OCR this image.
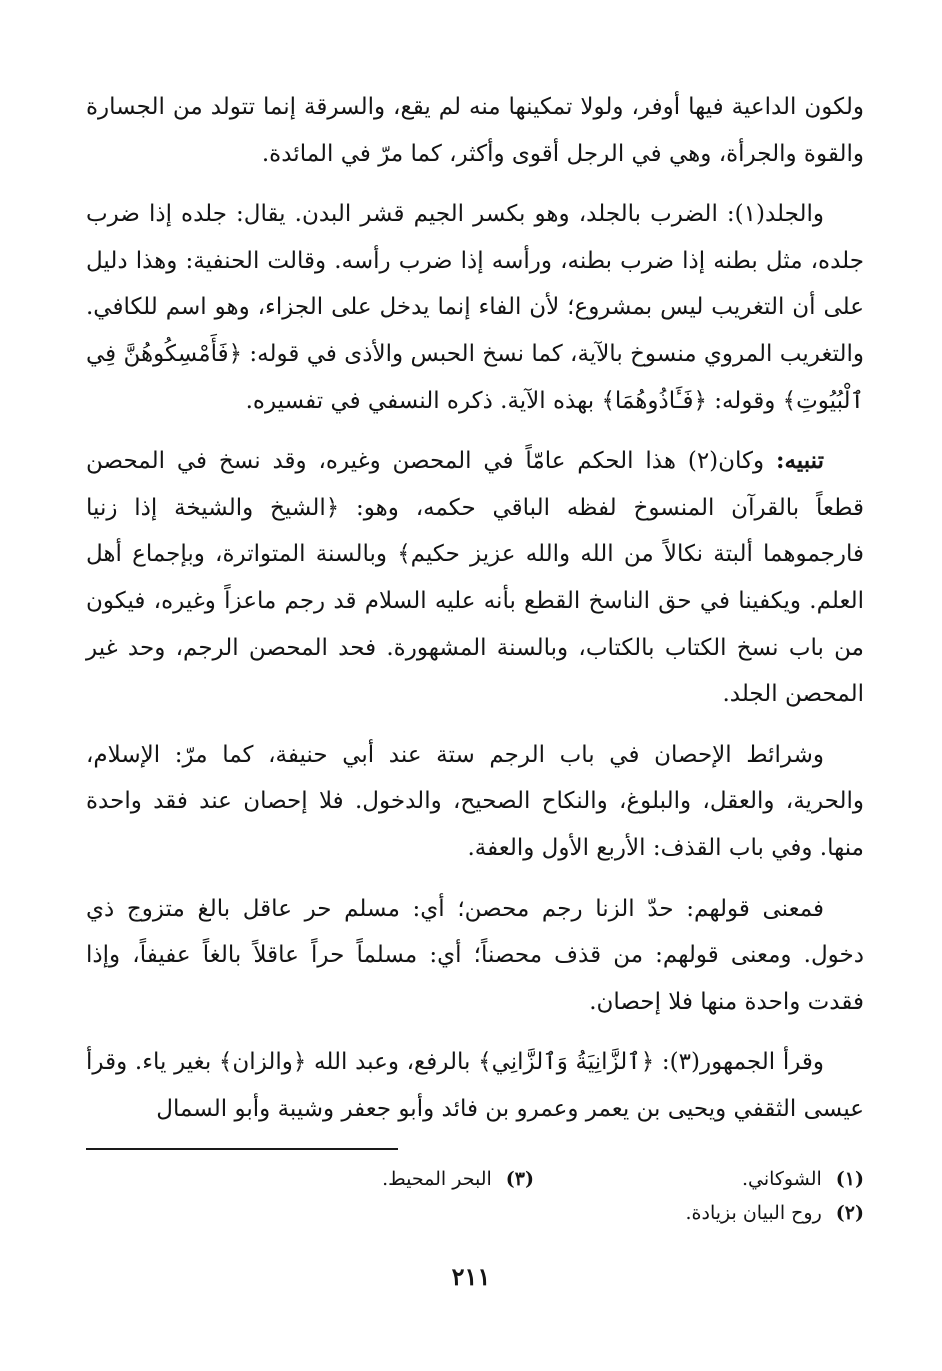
ولكون الداعية فيها أوفر، ولولا تمكينها منه لم يقع، والسرقة إنما تتولد من الجسارة والقوة والجرأة، وهي في الرجل أقوى وأكثر، كما مرّ في المائدة.

والجلد(١): الضرب بالجلد، وهو بكسر الجيم قشر البدن. يقال: جلده إذا ضرب جلده، مثل بطنه إذا ضرب بطنه، ورأسه إذا ضرب رأسه. وقالت الحنفية: وهذا دليل على أن التغريب ليس بمشروع؛ لأن الفاء إنما يدخل على الجزاء، وهو اسم للكافي. والتغريب المروي منسوخ بالآية، كما نسخ الحبس والأذى في قوله: ﴿فَأَمْسِكُوهُنَّ فِي ٱلْبُيُوتِ﴾ وقوله: ﴿فَـَٔاذُوهُمَا﴾ بهذه الآية. ذكره النسفي في تفسيره.

تنبيه: وكان(٢) هذا الحكم عامّاً في المحصن وغيره، وقد نسخ في المحصن قطعاً بالقرآن المنسوخ لفظه الباقي حكمه، وهو: ﴿الشيخ والشيخة إذا زنيا فارجموهما ألبتة نكالاً من الله والله عزيز حكيم﴾ وبالسنة المتواترة، وبإجماع أهل العلم. ويكفينا في حق الناسخ القطع بأنه عليه السلام قد رجم ماعزاً وغيره، فيكون من باب نسخ الكتاب بالكتاب، وبالسنة المشهورة. فحد المحصن الرجم، وحد غير المحصن الجلد.

وشرائط الإحصان في باب الرجم ستة عند أبي حنيفة، كما مرّ: الإسلام، والحرية، والعقل، والبلوغ، والنكاح الصحيح، والدخول. فلا إحصان عند فقد واحدة منها. وفي باب القذف: الأربع الأول والعفة.

فمعنى قولهم: حدّ الزنا رجم محصن؛ أي: مسلم حر عاقل بالغ متزوج ذي دخول. ومعنى قولهم: من قذف محصناً؛ أي: مسلماً حراً عاقلاً بالغاً عفيفاً، وإذا فقدت واحدة منها فلا إحصان.

وقرأ الجمهور(٣): ﴿ٱلزَّانِيَةُ وَٱلزَّانِي﴾ بالرفع، وعبد الله ﴿والزان﴾ بغير ياء. وقرأ عيسى الثقفي ويحيى بن يعمر وعمرو بن فائد وأبو جعفر وشيبة وأبو السمال

(١)
الشوكاني.
(٣)
البحر المحيط.
(٢)
روح البيان بزيادة.
٢١١
